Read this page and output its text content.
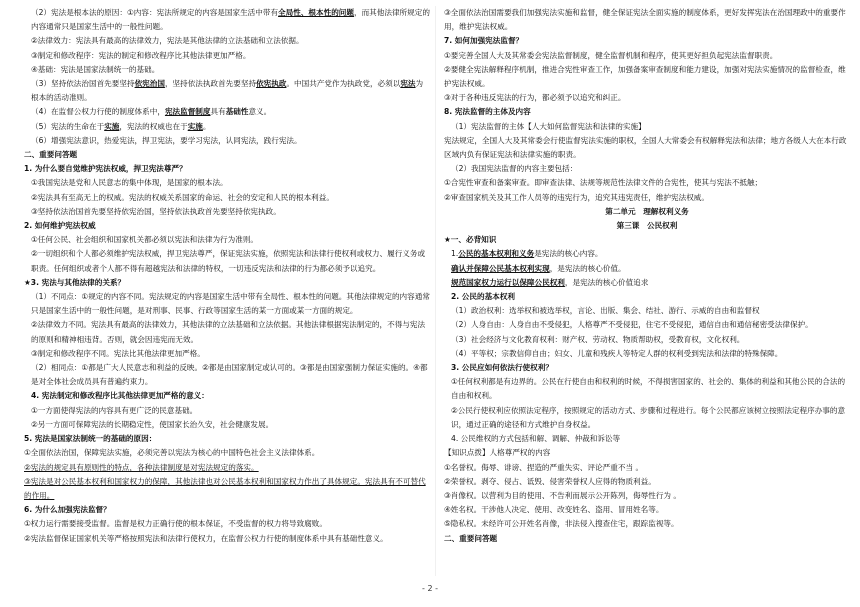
（2）宪法是根本法的原因：①内容：宪法所规定的内容是国家生活中带有全局性、根本性的问题，而其他法律所规定的内容通常只是国家生活中的一般性问题。

②法律效力：宪法具有最高的法律效力，宪法是其他法律的立法基础和立法依据。

③制定和修改程序：宪法的制定和修改程序比其他法律更加严格。

④基础：宪法是国家法制统一的基础。

（3）坚持依法治国首先要坚持依宪治国，坚持依法执政首先要坚持依宪执政。中国共产党作为执政党，必须以宪法为根本的活动准则。

（4）在监督公权力行使的制度体系中，宪法监督制度具有基础性意义。

（5）宪法的生命在于实施，宪法的权威也在于实施。

（6）增强宪法意识，热爱宪法，捍卫宪法，要学习宪法，认同宪法，践行宪法。

二、重要问答题

1. 为什么要自觉维护宪法权威，捍卫宪法尊严？

①我国宪法是党和人民意志的集中体现，是国家的根本法。

②宪法具有至高无上的权威。宪法的权威关系国家的命运、社会的安定和人民的根本利益。

③坚持依法治国首先要坚持依宪治国，坚持依法执政首先要坚持依宪执政。

2. 如何维护宪法权威

①任何公民、社会组织和国家机关都必须以宪法和法律为行为准则。

②一切组织和个人都必须维护宪法权威，捍卫宪法尊严，保证宪法实施，依照宪法和法律行使权利或权力、履行义务或职责。任何组织或者个人都不得有超越宪法和法律的特权，一切违反宪法和法律的行为都必须予以追究。

★3. 宪法与其他法律的关系？

（1）不同点：①规定的内容不同。宪法规定的内容是国家生活中带有全局性、根本性的问题。其他法律规定的内容通常只是国家生活中的一般性问题，是对刑事、民事、行政等国家生活的某一方面或某一方面的规定。

②法律效力不同。宪法具有最高的法律效力，其他法律的立法基础和立法依据。其他法律根据宪法制定的，不得与宪法的原则和精神相违背。否则，就会因违宪而无效。

③制定和修改程序不同。宪法比其他法律更加严格。

（2）相同点：①都是广大人民意志和利益的反映。②都是由国家制定或认可的。③都是由国家强制力保证实施的。④都是对全体社会成员具有普遍约束力。

4. 宪法制定和修改程序比其他法律更加严格的意义：

①一方面使得宪法的内容具有更广泛的民意基础。

②另一方面可保障宪法的长期稳定性，使国家长治久安，社会健康发展。

5. 宪法是国家法制统一的基础的原因：

①全面依法治国，保障宪法实施，必须完善以宪法为核心的中国特色社会主义法律体系。

②宪法的规定具有原则性的特点，各种法律制度是对宪法规定的落实。

③宪法是对公民基本权利和国家权力的保障，其他法律也对公民基本权利和国家权力作出了具体规定。宪法具有不可替代的作用。

6. 为什么加强宪法监督？

①权力运行需要接受监督。监督是权力正确行使的根本保证，不受监督的权力将导致腐败。

②宪法监督保证国家机关等严格按照宪法和法律行使权力，在监督公权力行使的制度体系中具有基础性意义。

③全面依法治国需要我们加强宪法实施和监督，健全保证宪法全面实施的制度体系，更好发挥宪法在治国理政中的重要作用，维护宪法权威。

7. 如何加强宪法监督？

①要完善全国人大及其常委会宪法监督制度，健全监督机制和程序，使其更好担负起宪法监督职责。

②要健全宪法解释程序机制，推进合宪性审查工作，加强备案审查制度和能力建设，加强对宪法实施情况的监督检查，维护宪法权威。

③对于各种违反宪法的行为，都必须予以追究和纠正。

8. 宪法监督的主体及内容

（1）宪法监督的主体【人大如何监督宪法和法律的实施】

宪法规定，全国人大及其常委会行使监督宪法实施的职权，全国人大常委会有权解释宪法和法律；地方各级人大在本行政区域内负有保证宪法和法律实施的职责。

（2）我国宪法监督的内容主要包括：

①合宪性审查和备案审查。即审查法律、法规等规范性法律文件的合宪性，使其与宪法不抵触；

②审查国家机关及其工作人员等的违宪行为，追究其违宪责任，维护宪法权威。

第二单元　理解权利义务

第三课　公民权利

★一、必背知识

1.公民的基本权利和义务是宪法的核心内容。

确认并保障公民基本权利实现，是宪法的核心价值。

规范国家权力运行以保障公民权利，是宪法的核心价值追求

2. 公民的基本权利

（1）政治权利：选举权和被选举权，言论、出版、集会、结社、游行、示威的自由和监督权

（2）人身自由：人身自由不受侵犯，人格尊严不受侵犯，住宅不受侵犯，通信自由和通信秘密受法律保护。

（3）社会经济与文化教育权利：财产权、劳动权、物质帮助权，受教育权，文化权利。

（4）平等权；宗教信仰自由；妇女、儿童和残疾人等特定人群的权利受到宪法和法律的特殊保障。

3. 公民应如何依法行使权利？

①任何权利都是有边界的。公民在行使自由和权利的时候，不得损害国家的、社会的、集体的利益和其他公民的合法的自由和权利。

②公民行使权利应依照法定程序，按照规定的活动方式、步骤和过程进行。每个公民都应该树立按照法定程序办事的意识，通过正确的途径和方式维护自身权益。

4. 公民维权的方式包括和解、调解、仲裁和诉讼等

【知识点拨】人格尊严权的内容

①名誉权。侮辱、诽谤、捏造的严重失实、评论严重不当 。

②荣誉权。剥夺、侵占、诋毁、侵害荣誉权人应得的物质利益。

③肖像权。以营利为目的使用、不告利而展示公开陈列，侮辱性行为 。

④姓名权。干涉他人决定、使用、改变姓名、盗用、冒用姓名等。

⑤隐私权。未经许可公开姓名肖像，非法侵入搜查住宅，跟踪监视等。

二、重要问答题

- 2 -
